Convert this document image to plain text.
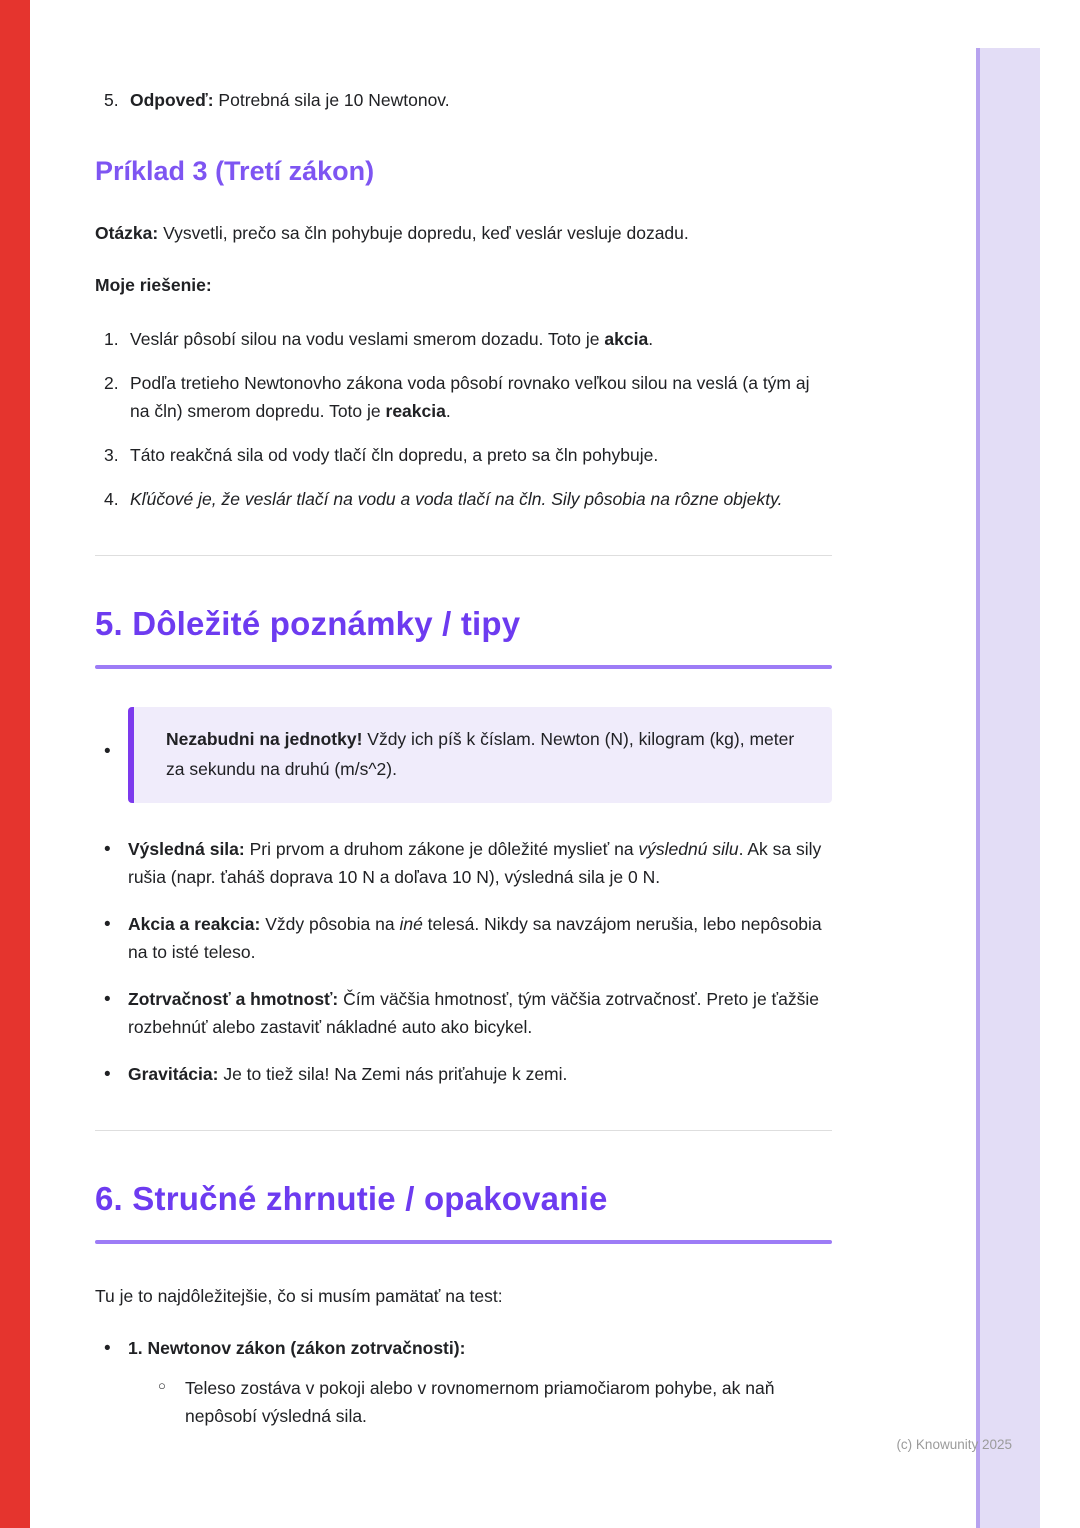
5. Odpoveď: Potrebná sila je 10 Newtonov.
Príklad 3 (Tretí zákon)

Otázka: Vysvetli, prečo sa čln pohybuje dopredu, keď veslár vesluje dozadu.

Moje riešenie:

1. Veslár pôsobí silou na vodu veslami smerom dozadu. Toto je akcia.
2. Podľa tretieho Newtonovho zákona voda pôsobí rovnako veľkou silou na veslá (a tým aj na čln) smerom dopredu. Toto je reakcia.
3. Táto reakčná sila od vody tlačí čln dopredu, a preto sa čln pohybuje.
4. Kľúčové je, že veslár tlačí na vodu a voda tlačí na čln. Sily pôsobia na rôzne objekty.
5. Dôležité poznámky / tipy

• Nezabudni na jednotky! Vždy ich píš k číslam. Newton (N), kilogram (kg), meter za sekundu na druhú (m/s^2).

• Výsledná sila: Pri prvom a druhom zákone je dôležité myslieť na výslednú silu. Ak sa sily rušia (napr. ťaháš doprava 10 N a doľava 10 N), výsledná sila je 0 N.
• Akcia a reakcia: Vždy pôsobia na iné telesá. Nikdy sa navzájom nerušia, lebo nepôsobia na to isté teleso.
• Zotrvačnosť a hmotnosť: Čím väčšia hmotnosť, tým väčšia zotrvačnosť. Preto je ťažšie rozbehnúť alebo zastaviť nákladné auto ako bicykel.
• Gravitácia: Je to tiež sila! Na Zemi nás priťahuje k zemi.
6. Stručné zhrnutie / opakovanie

Tu je to najdôležitejšie, čo si musím pamätať na test:

• 1. Newtonov zákon (zákon zotrvačnosti):
○ Teleso zostáva v pokoji alebo v rovnomernom priamočiarom pohybe, ak naň nepôsobí výsledná sila.
(c) Knowunity 2025
